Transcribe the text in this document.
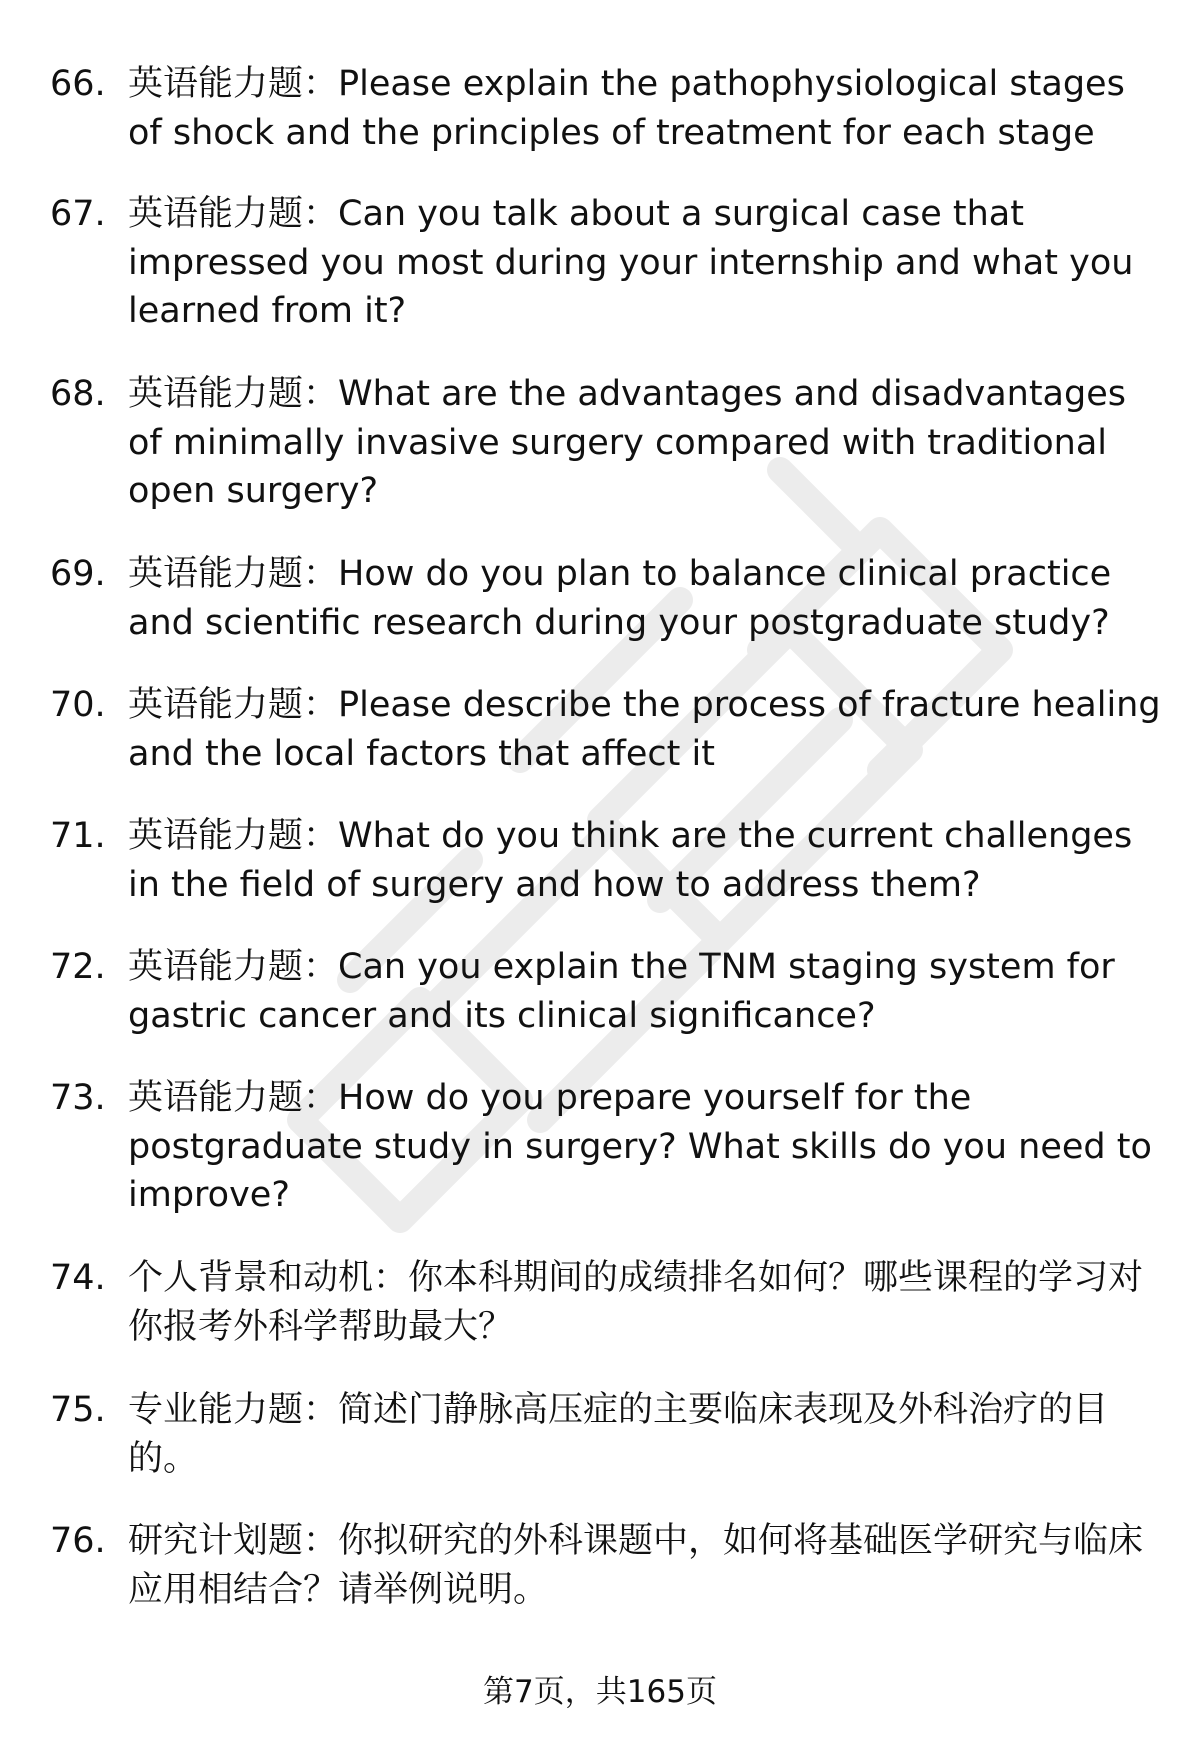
66. 英语能力题：Please explain the pathophysiological stages of shock and the principles of treatment for each stage
67. 英语能力题：Can you talk about a surgical case that impressed you most during your internship and what you learned from it?
68. 英语能力题：What are the advantages and disadvantages of minimally invasive surgery compared with traditional open surgery?
69. 英语能力题：How do you plan to balance clinical practice and scientific research during your postgraduate study?
70. 英语能力题：Please describe the process of fracture healing and the local factors that affect it
71. 英语能力题：What do you think are the current challenges in the field of surgery and how to address them?
72. 英语能力题：Can you explain the TNM staging system for gastric cancer and its clinical significance?
73. 英语能力题：How do you prepare yourself for the postgraduate study in surgery? What skills do you need to improve?
74. 个人背景和动机：你本科期间的成绩排名如何？哪些课程的学习对你报考外科学帮助最大？
75. 专业能力题：简述门静脉高压症的主要临床表现及外科治疗的目的。
76. 研究计划题：你拟研究的外科课题中，如何将基础医学研究与临床应用相结合？请举例说明。
第7页，共165页
